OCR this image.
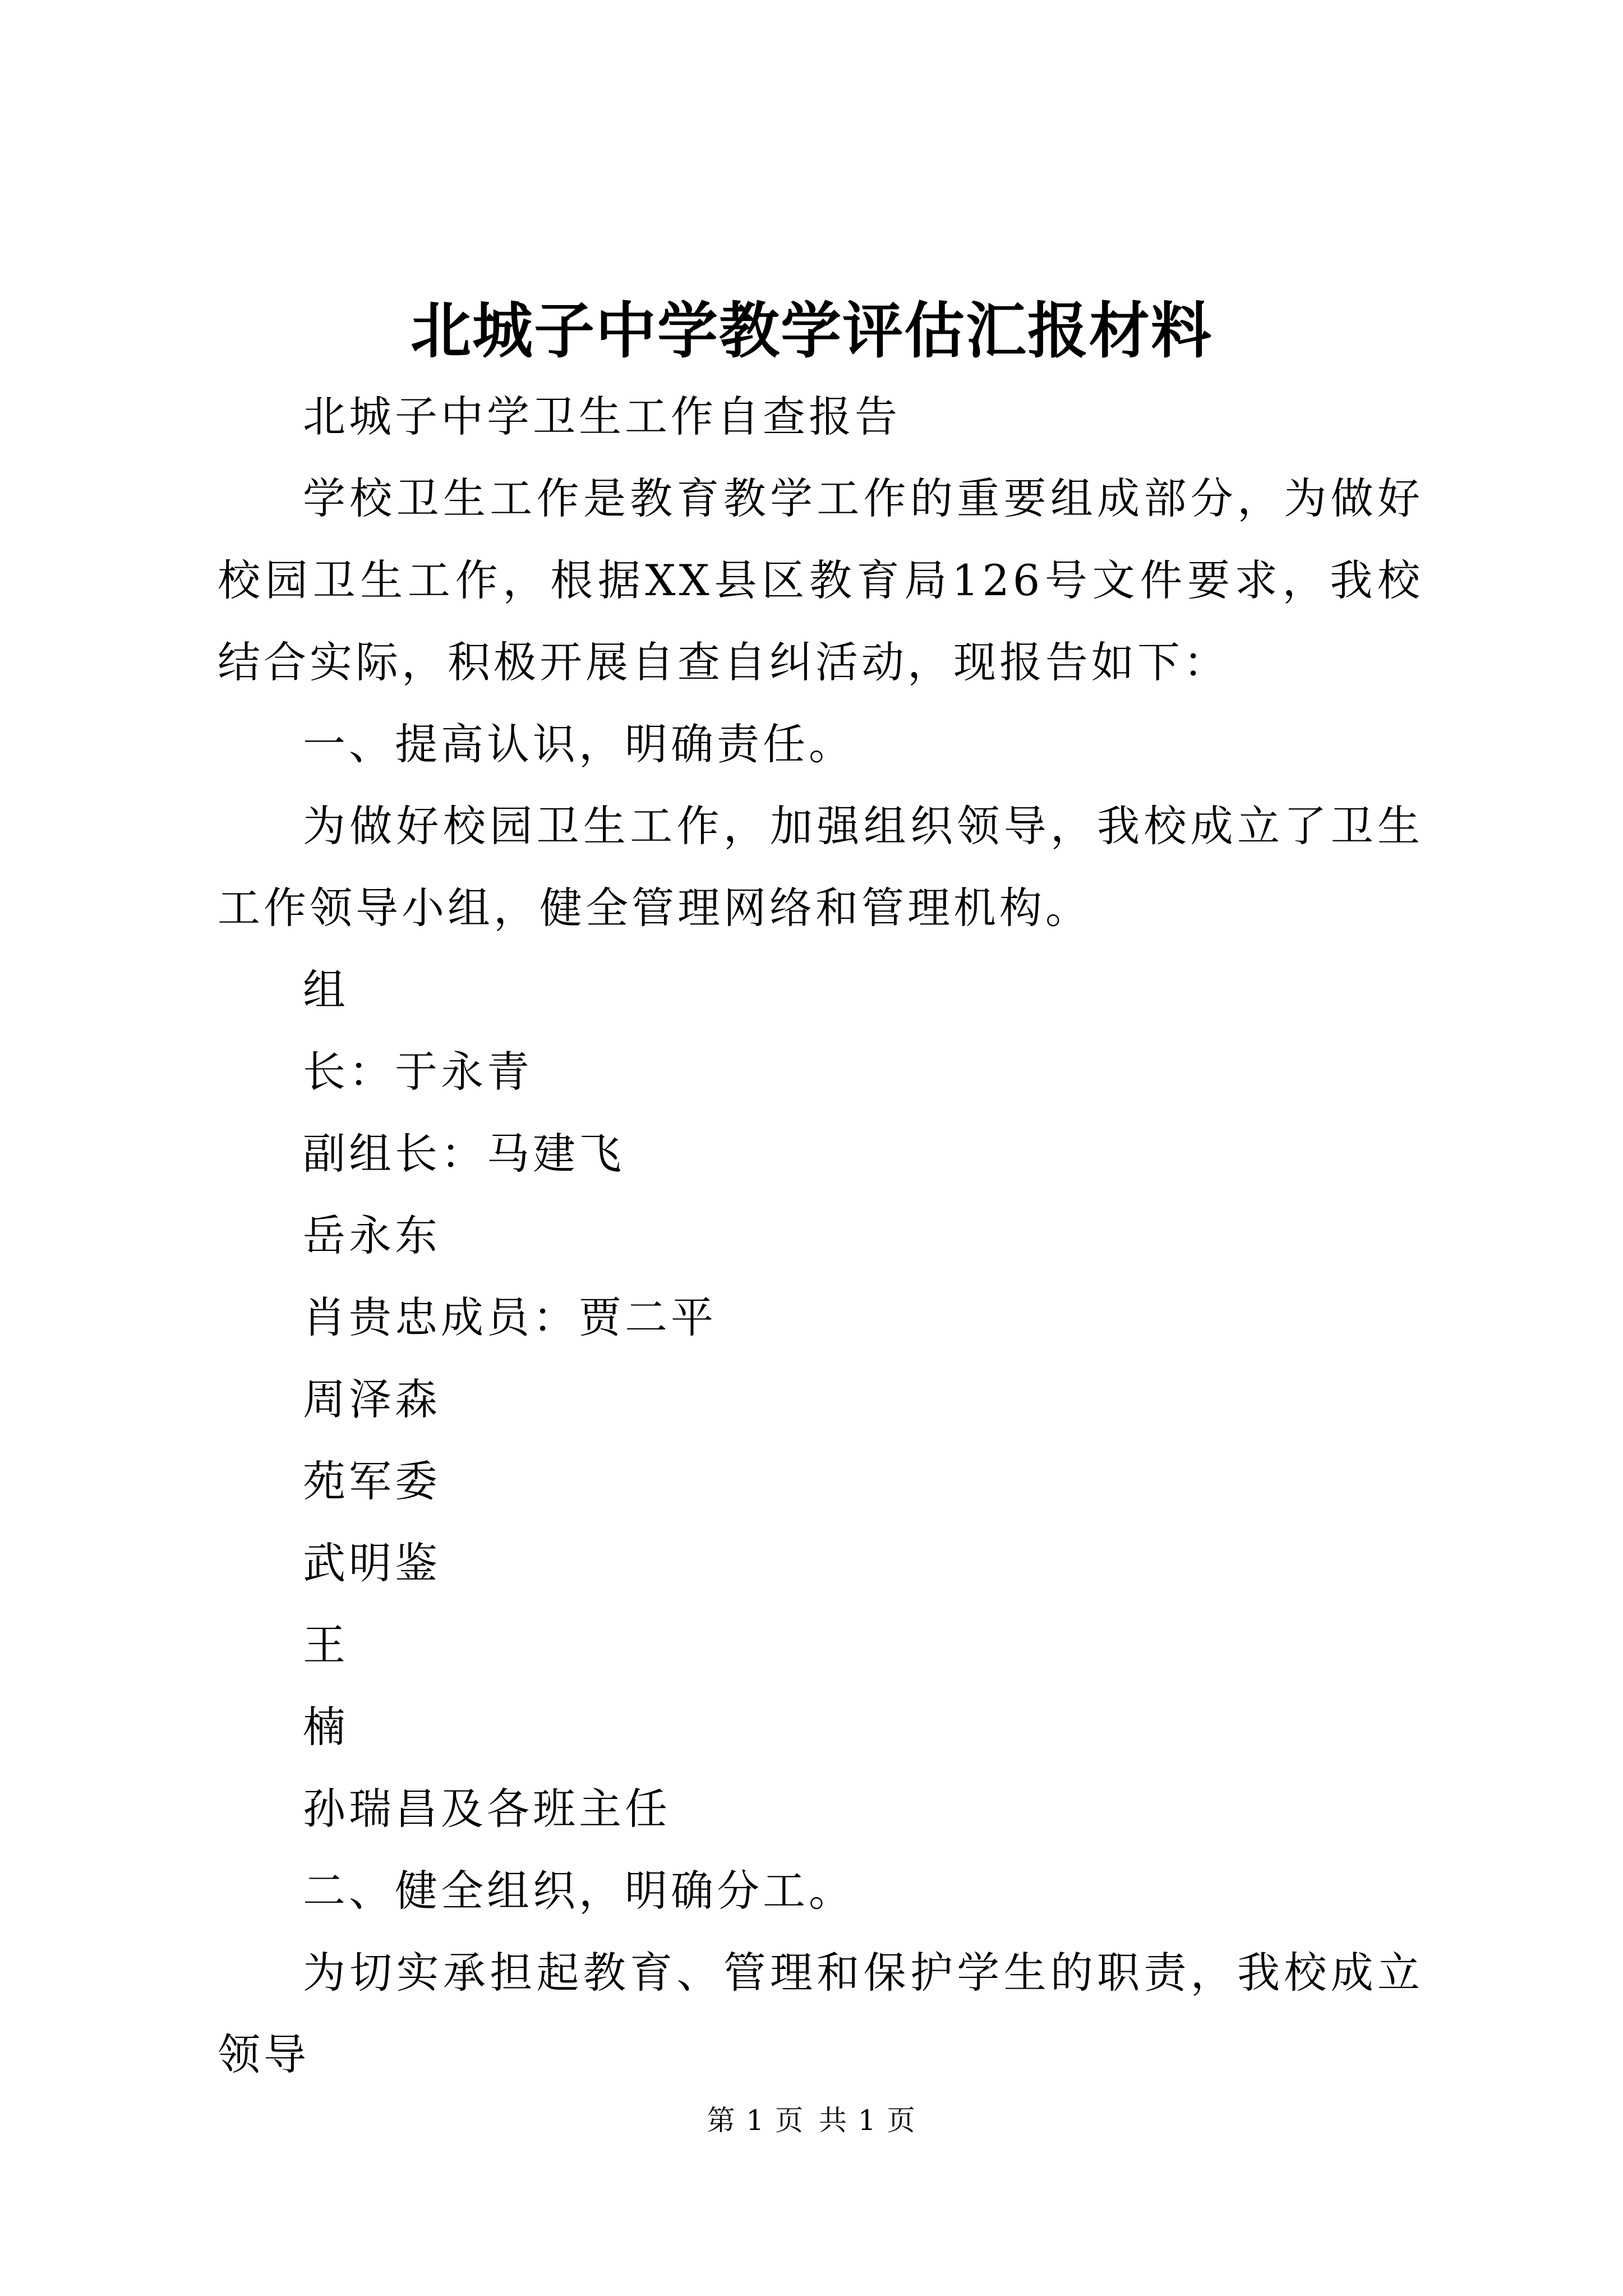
北城子中学教学评估汇报材料

北城子中学卫生工作自查报告

学校卫生工作是教育教学工作的重要组成部分，为做好校园卫生工作，根据XX县区教育局126号文件要求，我校结合实际，积极开展自查自纠活动，现报告如下：

一、提高认识，明确责任。

为做好校园卫生工作，加强组织领导，我校成立了卫生工作领导小组，健全管理网络和管理机构。

组

长：于永青

副组长：马建飞

岳永东

肖贵忠成员：贾二平

周泽森

苑军委

武明鉴

王

楠

孙瑞昌及各班主任

二、健全组织，明确分工。

为切实承担起教育、管理和保护学生的职责，我校成立领导

第 1 页 共 1 页
